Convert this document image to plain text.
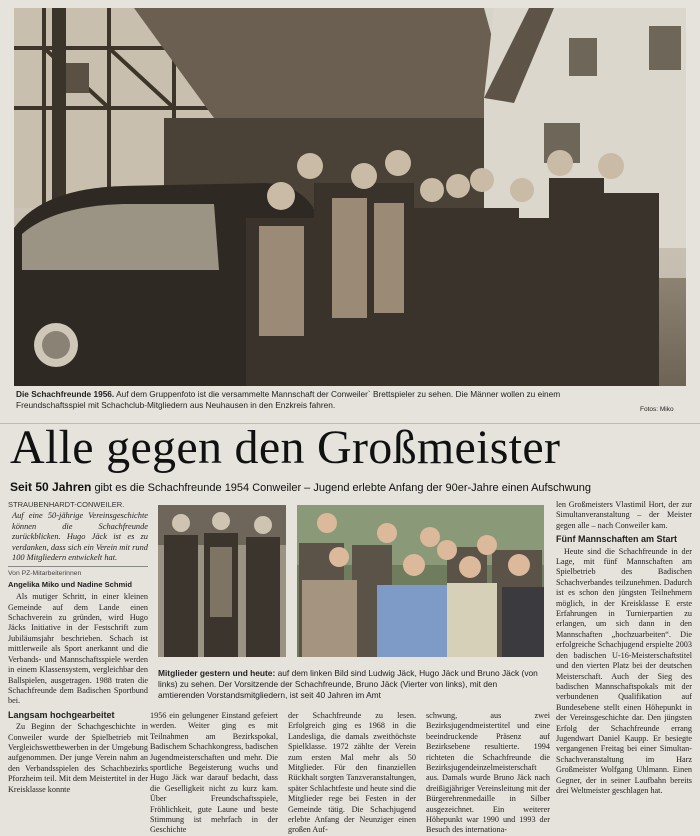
Die Schachfreunde 1956. Auf dem Gruppenfoto ist die versammelte Mannschaft der Conweiler` Brettspieler zu sehen. Die Männer wollen zu einem Freundschaftsspiel mit Schachclub-Mitgliedern aus Neuhausen in den Enzkreis fahren.	Fotos: Miko
Alle gegen den Großmeister
Seit 50 Jahren gibt es die Schachfreunde 1954 Conweiler – Jugend erlebte Anfang der 90er-Jahre einen Aufschwung
STRAUBENHARDT-CONWEILER.
Auf eine 50-jährige Vereinsgeschichte können die Schachfreunde zurückblicken. Hugo Jäck ist es zu verdanken, dass sich ein Verein mit rund 100 Mitgliedern entwickelt hat.
Von PZ-Mitarbeiterinnen
Angelika Miko und Nadine Schmid

Als mutiger Schritt, in einer kleinen Gemeinde auf dem Lande einen Schachverein zu gründen, wird Hugo Jäcks Initiative in der Festschrift zum Jubiläumsjahr beschrieben. Schach ist mittlerweile als Sport anerkannt und die Verbands- und Mannschaftsspiele werden in einem Klassensystem, vergleichbar den Ballspielen, ausgetragen. 1988 traten die Schachfreunde dem Badischen Sportbund bei.

Langsam hochgearbeitet

Zu Beginn der Schachgeschichte in Conweiler wurde der Spielbetrieb mit Vergleichswettbewerben in der Umgebung aufgenommen. Der junge Verein nahm an den Verbandsspielen des Schachbezirks Pforzheim teil. Mit dem Meistertitel in der Kreisklasse konnte

Mitglieder gestern und heute: auf dem linken Bild sind Ludwig Jäck, Hugo Jäck und Bruno Jäck (von links) zu sehen. Der Vorsitzende der Schachfreunde, Bruno Jäck (Vierter von links), mit den amtierenden Vorstandsmitgliedern, ist seit 40 Jahren im Amt
1956 ein gelungener Einstand gefeiert werden. Weiter ging es mit Teilnahmen am Bezirkspokal, Badischem Schachkongress, badischen Jugendmeisterschaften und mehr. Die sportliche Begeisterung wuchs und Hugo Jäck war darauf bedacht, dass die Geselligkeit nicht zu kurz kam. Über Freundschaftsspiele, Fröhlichkeit, gute Laune und beste Stimmung ist mehrfach in der Geschichte
der Schachfreunde zu lesen. Erfolgreich ging es 1968 in die Landesliga, die damals zweithöchste Spielklasse. 1972 zählte der Verein zum ersten Mal mehr als 50 Mitglieder. Für den finanziellen Rückhalt sorgten Tanzveranstaltungen, später Schlachtfeste und heute sind die Mitglieder rege bei Festen in der Gemeinde tätig. Die Schachjugend erlebte Anfang der Neunziger einen großen Auf-
schwung, aus zwei Bezirksjugendmeistertitel und eine beeindruckende Präsenz auf Bezirksebene resultierte. 1994 richteten die Schachfreunde die Bezirksjugendeinzelmeisterschaft aus. Damals wurde Bruno Jäck nach dreißigjähriger Vereinsleitung mit der Bürgerehrenmedaille in Silber ausgezeichnet. Ein weiterer Höhepunkt war 1990 und 1993 der Besuch des internationa-

len Großmeisters Vlastimil Hort, der zur Simultanveranstaltung – der Meister gegen alle – nach Conweiler kam.

Fünf Mannschaften am Start

Heute sind die Schachfreunde in der Lage, mit fünf Mannschaften am Spielbetrieb des Badischen Schachverbandes teilzunehmen. Dadurch ist es schon den jüngsten Teilnehmern möglich, in der Kreisklasse E erste Erfahrungen in Turnierpartien zu erlangen, um sich dann in den Mannschaften „hochzuarbeiten“. Die erfolgreiche Schachjugend erspielte 2003 den badischen U-16-Meisterschaftstitel und den vierten Platz bei der deutschen Meisterschaft. Auch der Sieg des badischen Mannschaftspokals mit der verbundenen Qualifikation auf Bundesebene stellt einen Höhepunkt in der Vereinsgeschichte dar. Den jüngsten Erfolg der Schachfreunde errang Jugendwart Daniel Kaupp. Er besiegte vergangenen Freitag bei einer Simultan-Schachveranstaltung im Harz Großmeister Wolfgang Uhlmann. Einen Gegner, der in seiner Laufbahn bereits drei Weltmeister geschlagen hat.
